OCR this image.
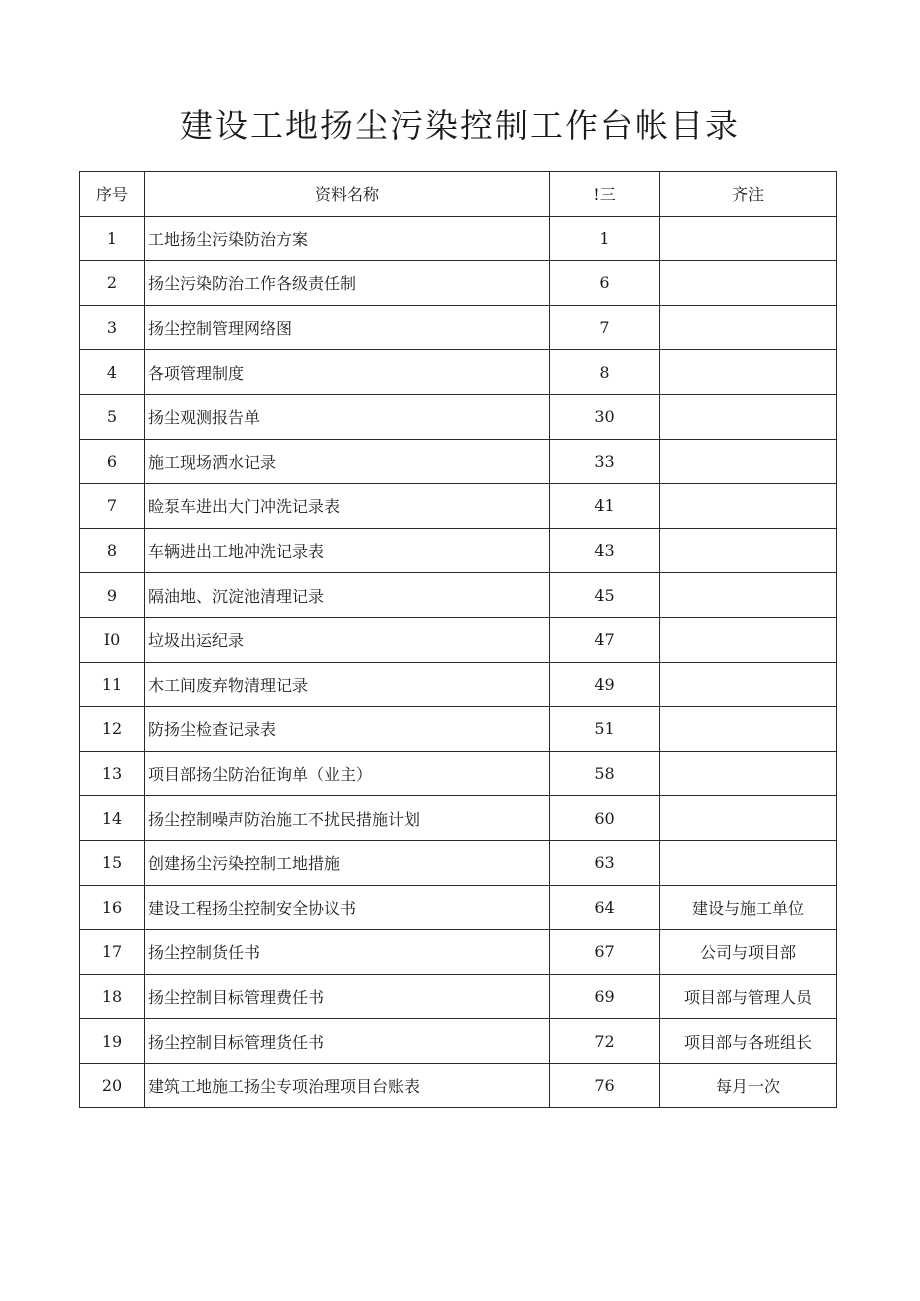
建设工地扬尘污染控制工作台帐目录
序号	资料名称	!三	齐注
1	工地扬尘污染防治方案	1	
2	扬尘污染防治工作各级责任制	6	
3	扬尘控制管理网络图	7	
4	各项管理制度	8	
5	扬尘观测报告单	30	
6	施工现场洒水记录	33	
7	睑泵车进出大门冲洗记录表	41	
8	车辆进出工地冲洗记录表	43	
9	隔油地、沉淀池清理记录	45	
I0	垃圾出运纪录	47	
11	木工间废弃物清理记录	49	
12	防扬尘检查记录表	51	
13	项目部扬尘防治征询单（业主）	58	
14	扬尘控制噪声防治施工不扰民措施计划	60	
15	创建扬尘污染控制工地措施	63	
16	建设工程扬尘控制安全协议书	64	建设与施工单位
17	扬尘控制货任书	67	公司与项目部
18	扬尘控制目标管理费任书	69	项目部与管理人员
19	扬尘控制目标管理货任书	72	项目部与各班组长
20	建筑工地施工扬尘专项治理项目台账表	76	每月一次
